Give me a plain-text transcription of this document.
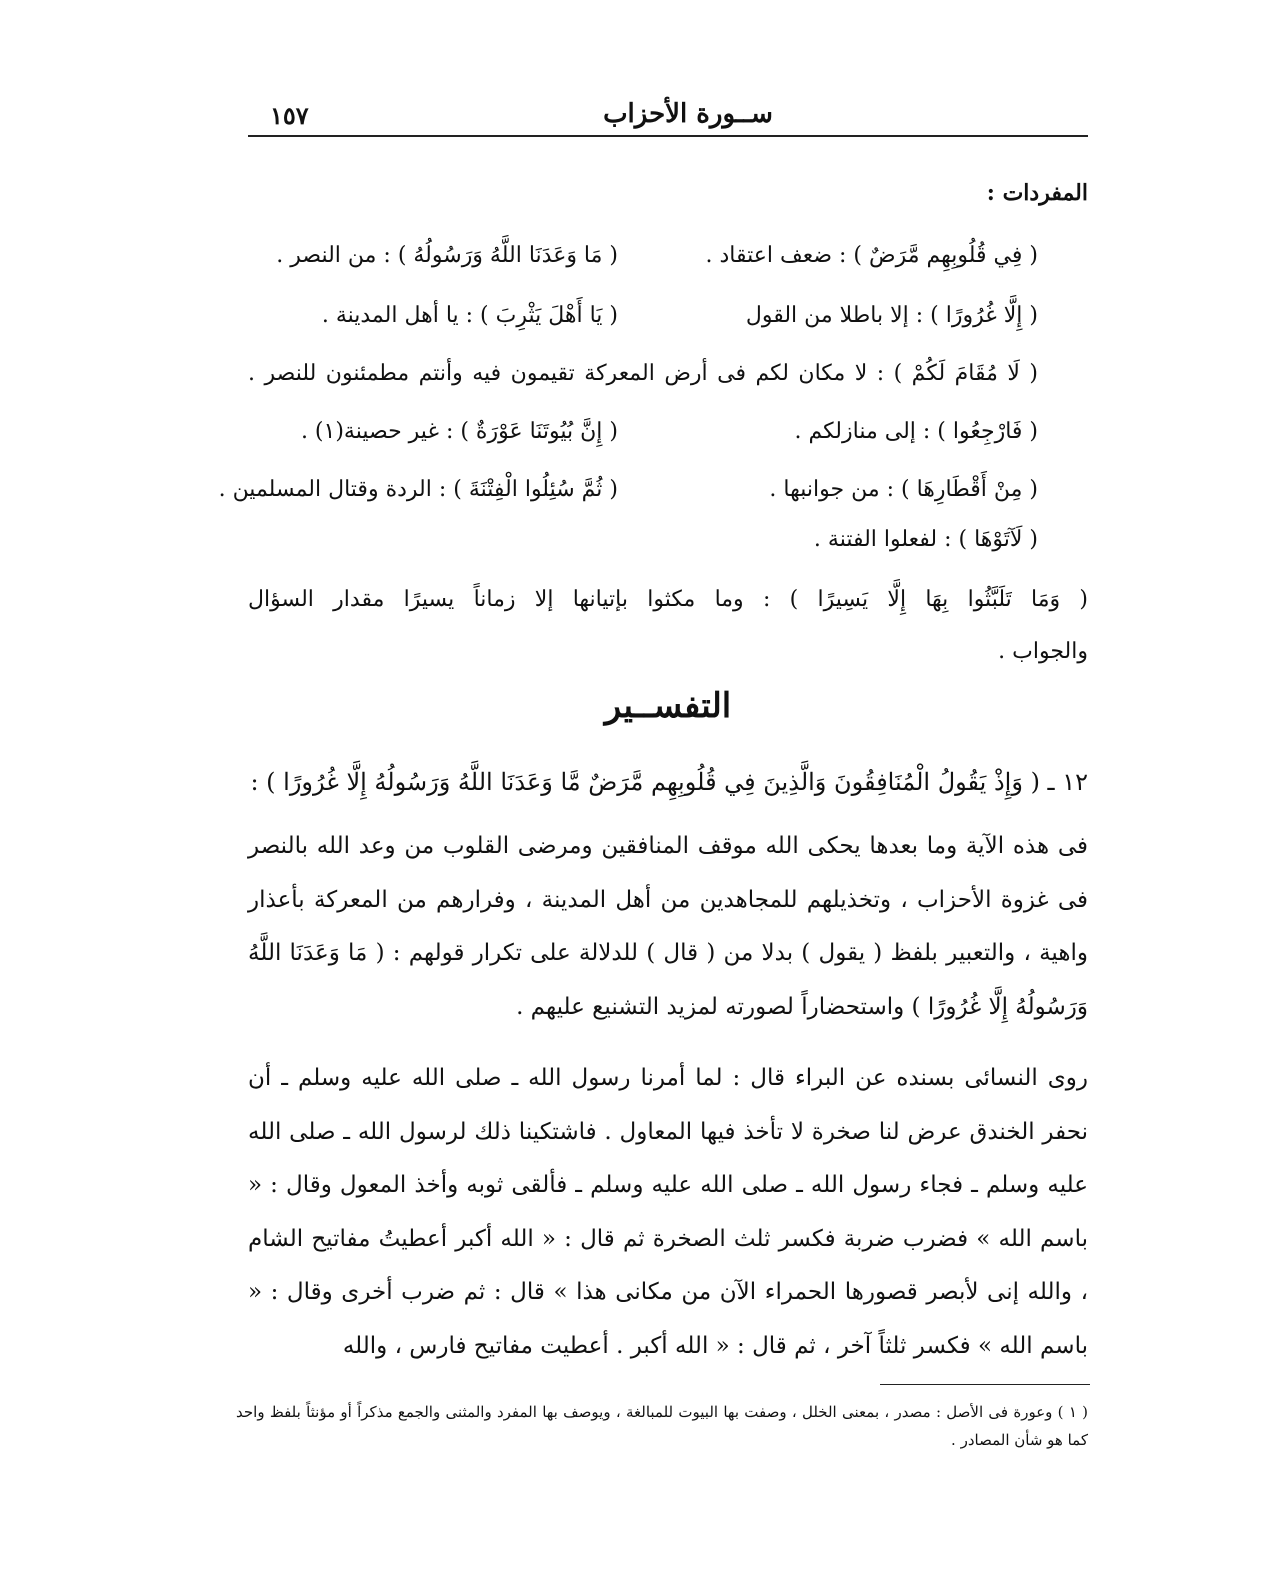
١٥٧	ســورة الأحزاب
المفردات :
( فِي قُلُوبِهِم مَّرَضٌ ) : ضعف اعتقاد .
( مَا وَعَدَنَا اللَّهُ وَرَسُولُهُ ) : من النصر .
( إِلَّا غُرُورًا ) : إلا باطلا من القول
( يَا أَهْلَ يَثْرِبَ ) : يا أهل المدينة .
( لَا مُقَامَ لَكُمْ ) : لا مكان لكم فى أرض المعركة تقيمون فيه وأنتم مطمئنون للنصر .
( فَارْجِعُوا ) : إلى منازلكم .
( إِنَّ بُيُوتَنَا عَوْرَةٌ ) : غير حصينة(١) .
( مِنْ أَقْطَارِهَا ) : من جوانبها .
( ثُمَّ سُئِلُوا الْفِتْنَةَ ) : الردة وقتال المسلمين .
( لَآتَوْهَا ) : لفعلوا الفتنة .
( وَمَا تَلَبَّثُوا بِهَا إِلَّا يَسِيرًا ) : وما مكثوا بإتيانها إلا زماناً يسيرًا مقدار السؤال
والجواب .
التفســير
١٢ ـ ( وَإِذْ يَقُولُ الْمُنَافِقُونَ وَالَّذِينَ فِي قُلُوبِهِم مَّرَضٌ مَّا وَعَدَنَا اللَّهُ وَرَسُولُهُ إِلَّا غُرُورًا ) :

فى هذه الآية وما بعدها يحكى الله موقف المنافقين ومرضى القلوب من وعد الله بالنصر فى غزوة الأحزاب ، وتخذيلهم للمجاهدين من أهل المدينة ، وفرارهم من المعركة بأعذار واهية ، والتعبير بلفظ ( يقول ) بدلا من ( قال ) للدلالة على تكرار قولهم : ( مَا وَعَدَنَا اللَّهُ وَرَسُولُهُ إِلَّا غُرُورًا ) واستحضاراً لصورته لمزيد التشنيع عليهم .

روى النسائى بسنده عن البراء قال : لما أمرنا رسول الله ـ صلى الله عليه وسلم ـ أن نحفر الخندق عرض لنا صخرة لا تأخذ فيها المعاول . فاشتكينا ذلك لرسول الله ـ صلى الله عليه وسلم ـ فجاء رسول الله ـ صلى الله عليه وسلم ـ فألقى ثوبه وأخذ المعول وقال : « باسم الله » فضرب ضربة فكسر ثلث الصخرة ثم قال : « الله أكبر أعطيتُ مفاتيح الشام ، والله إنى لأبصر قصورها الحمراء الآن من مكانى هذا » قال : ثم ضرب أخرى وقال : « باسم الله » فكسر ثلثاً آخر ، ثم قال : « الله أكبر . أعطيت مفاتيح فارس ، والله

( ١ ) وعورة فى الأصل : مصدر ، بمعنى الخلل ، وصفت بها البيوت للمبالغة ، ويوصف بها المفرد والمثنى والجمع مذكراً أو مؤنثاً بلفظ واحد كما هو شأن المصادر .
